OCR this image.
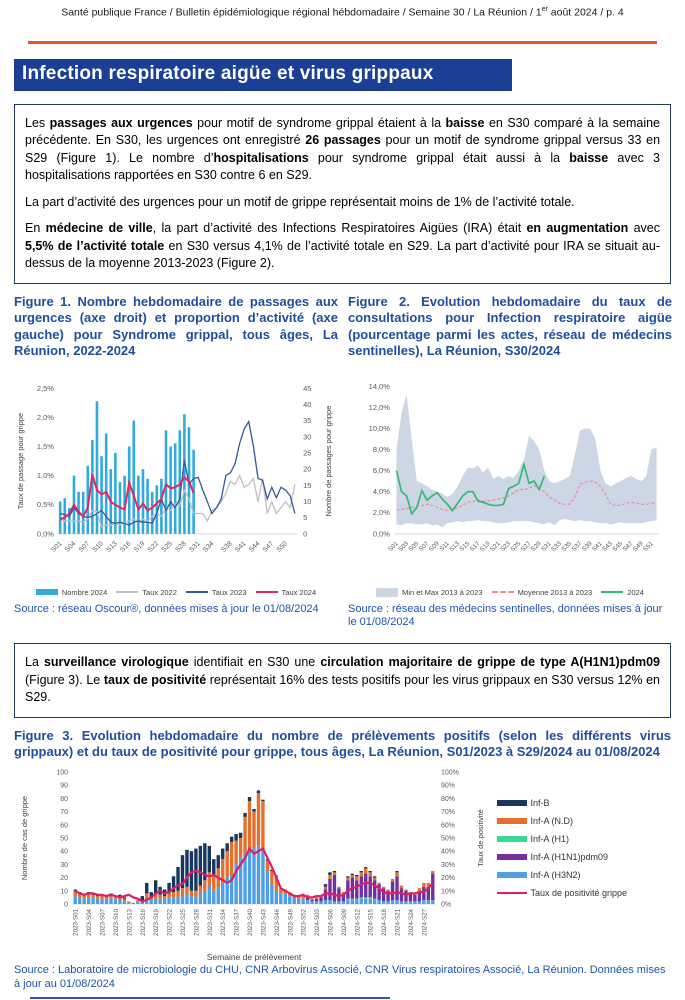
Santé publique France / Bulletin épidémiologique régional hébdomadaire / Semaine 30 / La Réunion / 1er août 2024 / p. 4
Infection respiratoire aigüe et virus grippaux

Les passages aux urgences pour motif de syndrome grippal étaient à la baisse en S30 comparé à la semaine précédente. En S30, les urgences ont enregistré 26 passages pour un motif de syndrome grippal versus 33 en S29 (Figure 1). Le nombre d’hospitalisations pour syndrome grippal était aussi à la baisse avec 3 hospitalisations rapportées en S30 contre 6 en S29.

La part d’activité des urgences pour un motif de grippe représentait moins de 1% de l’activité totale.

En médecine de ville, la part d’activité des Infections Respiratoires Aigües (IRA) était en augmentation avec 5,5% de l’activité totale en S30 versus 4,1% de l’activité totale en S29. La part d’activité pour IRA se situait au-dessus de la moyenne 2013-2023 (Figure 2).

Figure 1. Nombre hebdomadaire de passages aux urgences (axe droit) et proportion d’activité (axe gauche) pour Syndrome grippal, tous âges, La Réunion, 2022-2024
0,0%
0,5%
1,0%
1,5%
2,0%
2,5%
0
5
10
15
20
25
30
35
40
45
S01 S04 S07 S10 S13 S16 S19 S22 S25 S28 S31 S34 S38 S41 S44 S47 S50
Taux de passage pour grippe	Nombre de passages pour grippe
Nombre 2024	Taux 2022	Taux 2023	Taux 2024
Source : réseau Oscour®, données mises à jour le 01/08/2024
Figure 2. Evolution hebdomadaire du taux de consultations pour Infection respiratoire aigüe (pourcentage parmi les actes, réseau de médecins sentinelles), La Réunion, S30/2024
0,0%
2,0%
4,0%
6,0%
8,0%
10,0%
12,0%
14,0%
S01
S03
S05
S07
S09
S11
S13
S15
S17
S19
S21
S23
S25
S27
S29
S31
S33
S35
S37
S39
S41
S43
S45
S47
S49
S51
Min et Max 2013 à 2023	Moyenne 2013 à 2023	2024
Source : réseau des médecins sentinelles, données mises à jour le 01/08/2024

La surveillance virologique identifiait en S30 une circulation majoritaire de grippe de type A(H1N1)pdm09 (Figure 3). Le taux de positivité représentait 16% des tests positifs pour les virus grippaux en S30 versus 12% en S29.

Figure 3. Evolution hebdomadaire du nombre de prélèvements positifs (selon les différents virus grippaux) et du taux de positivité pour grippe, tous âges, La Réunion, S01/2023 à S29/2024 au 01/08/2024
0
10
20
30
40
50
60
70
80
90
100
0%
10%
20%
30%
40%
50%
60%
70%
80%
90%
100%
2023-S01 2023-S04 2023-S07 2023-S10 2023-S13 2023-S16 2023-S19 2023-S22 2023-S25 2023-S28 2023-S31 2023-S34 2023-S37 2023-S40 2023-S43 2023-S46 2023-S49 2023-S52 2024-S03 2024-S06 2024-S09 2024-S12 2024-S15 2024-S18 2024-S21 2024-S24 2024-S27
Semaine de prélèvement
Nombre de cas de grippe	Taux de positivité
Inf-B
Inf-A (N.D)
Inf-A (H1)
Inf-A (H1N1)pdm09
Inf-A (H3N2)
Taux de positivité grippe
Source : Laboratoire de microbiologie du CHU, CNR Arbovirus Associé, CNR Virus respiratoires Associé, La Réunion. Données mises à jour au 01/08/2024
